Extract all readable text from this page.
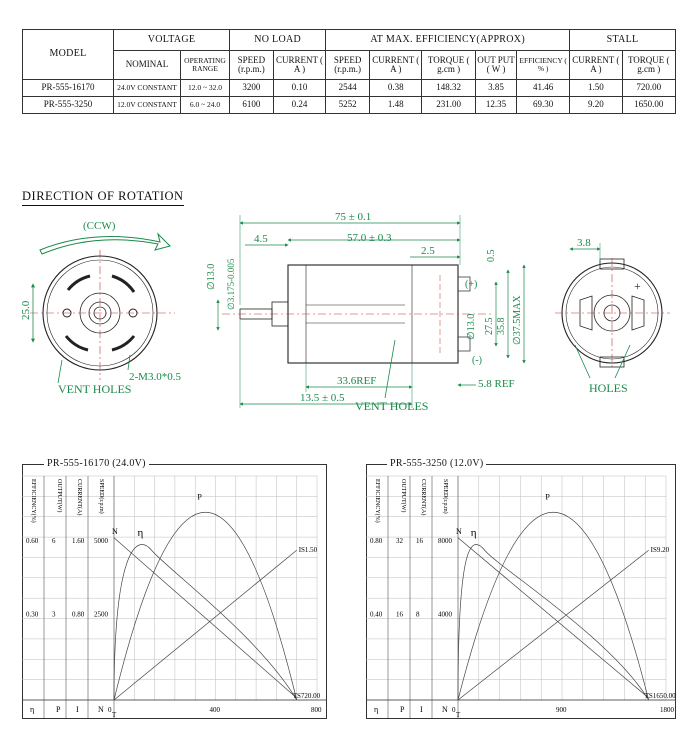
MODEL	VOLTAGE		NO LOAD		AT MAX. EFFICIENCY(APPROX)					STALL	
	NOMINAL	OPERATING RANGE	SPEED (r.p.m.)	CURRENT ( A )	SPEED (r.p.m.)	CURRENT ( A )	TORQUE ( g.cm )	OUT PUT ( W )	EFFICIENCY ( % )	CURRENT ( A )	TORQUE ( g.cm )
PR-555-16170	24.0V CONSTANT	12.0 ~ 32.0	3200	0.10	2544	0.38	148.32	3.85	41.46	1.50	720.00
PR-555-3250	12.0V CONSTANT	6.0 ~ 24.0	6100	0.24	5252	1.48	231.00	12.35	69.30	9.20	1650.00
DIRECTION OF ROTATION
(CCW)
25.0
2-M3.0*0.5
VENT HOLES
75 ± 0.1
57.0 ± 0.3
4.5
2.5
∅13.0 ∅3.175-0.005
0.5
∅13.0 27.5 35.8 ∅37.5MAX
(+)
(-)
33.6REF	5.8 REF
13.5 ± 0.5
VENT HOLES
+
3.8
HOLES
EFFICIENCY(%)	OUTPUT(W) CURRENT(A)	SPEED(r.p.m)
0.60 6 1.60 5000
0.30 3 0.80 2500
η	P I N
P
η
N
IS1.50
TS720.00
0	400	800
T
PR-555-16170 (24.0V)
EFFICIENCY(%)	OUTPUT(W) CURRENT(A)	SPEED(r.p.m)
0.80 32 16 8000
0.40 16 8	4000
η	P I N
P
η
N
IS9.20
TS1650.00
0	900	1800
T
PR-555-3250 (12.0V)
